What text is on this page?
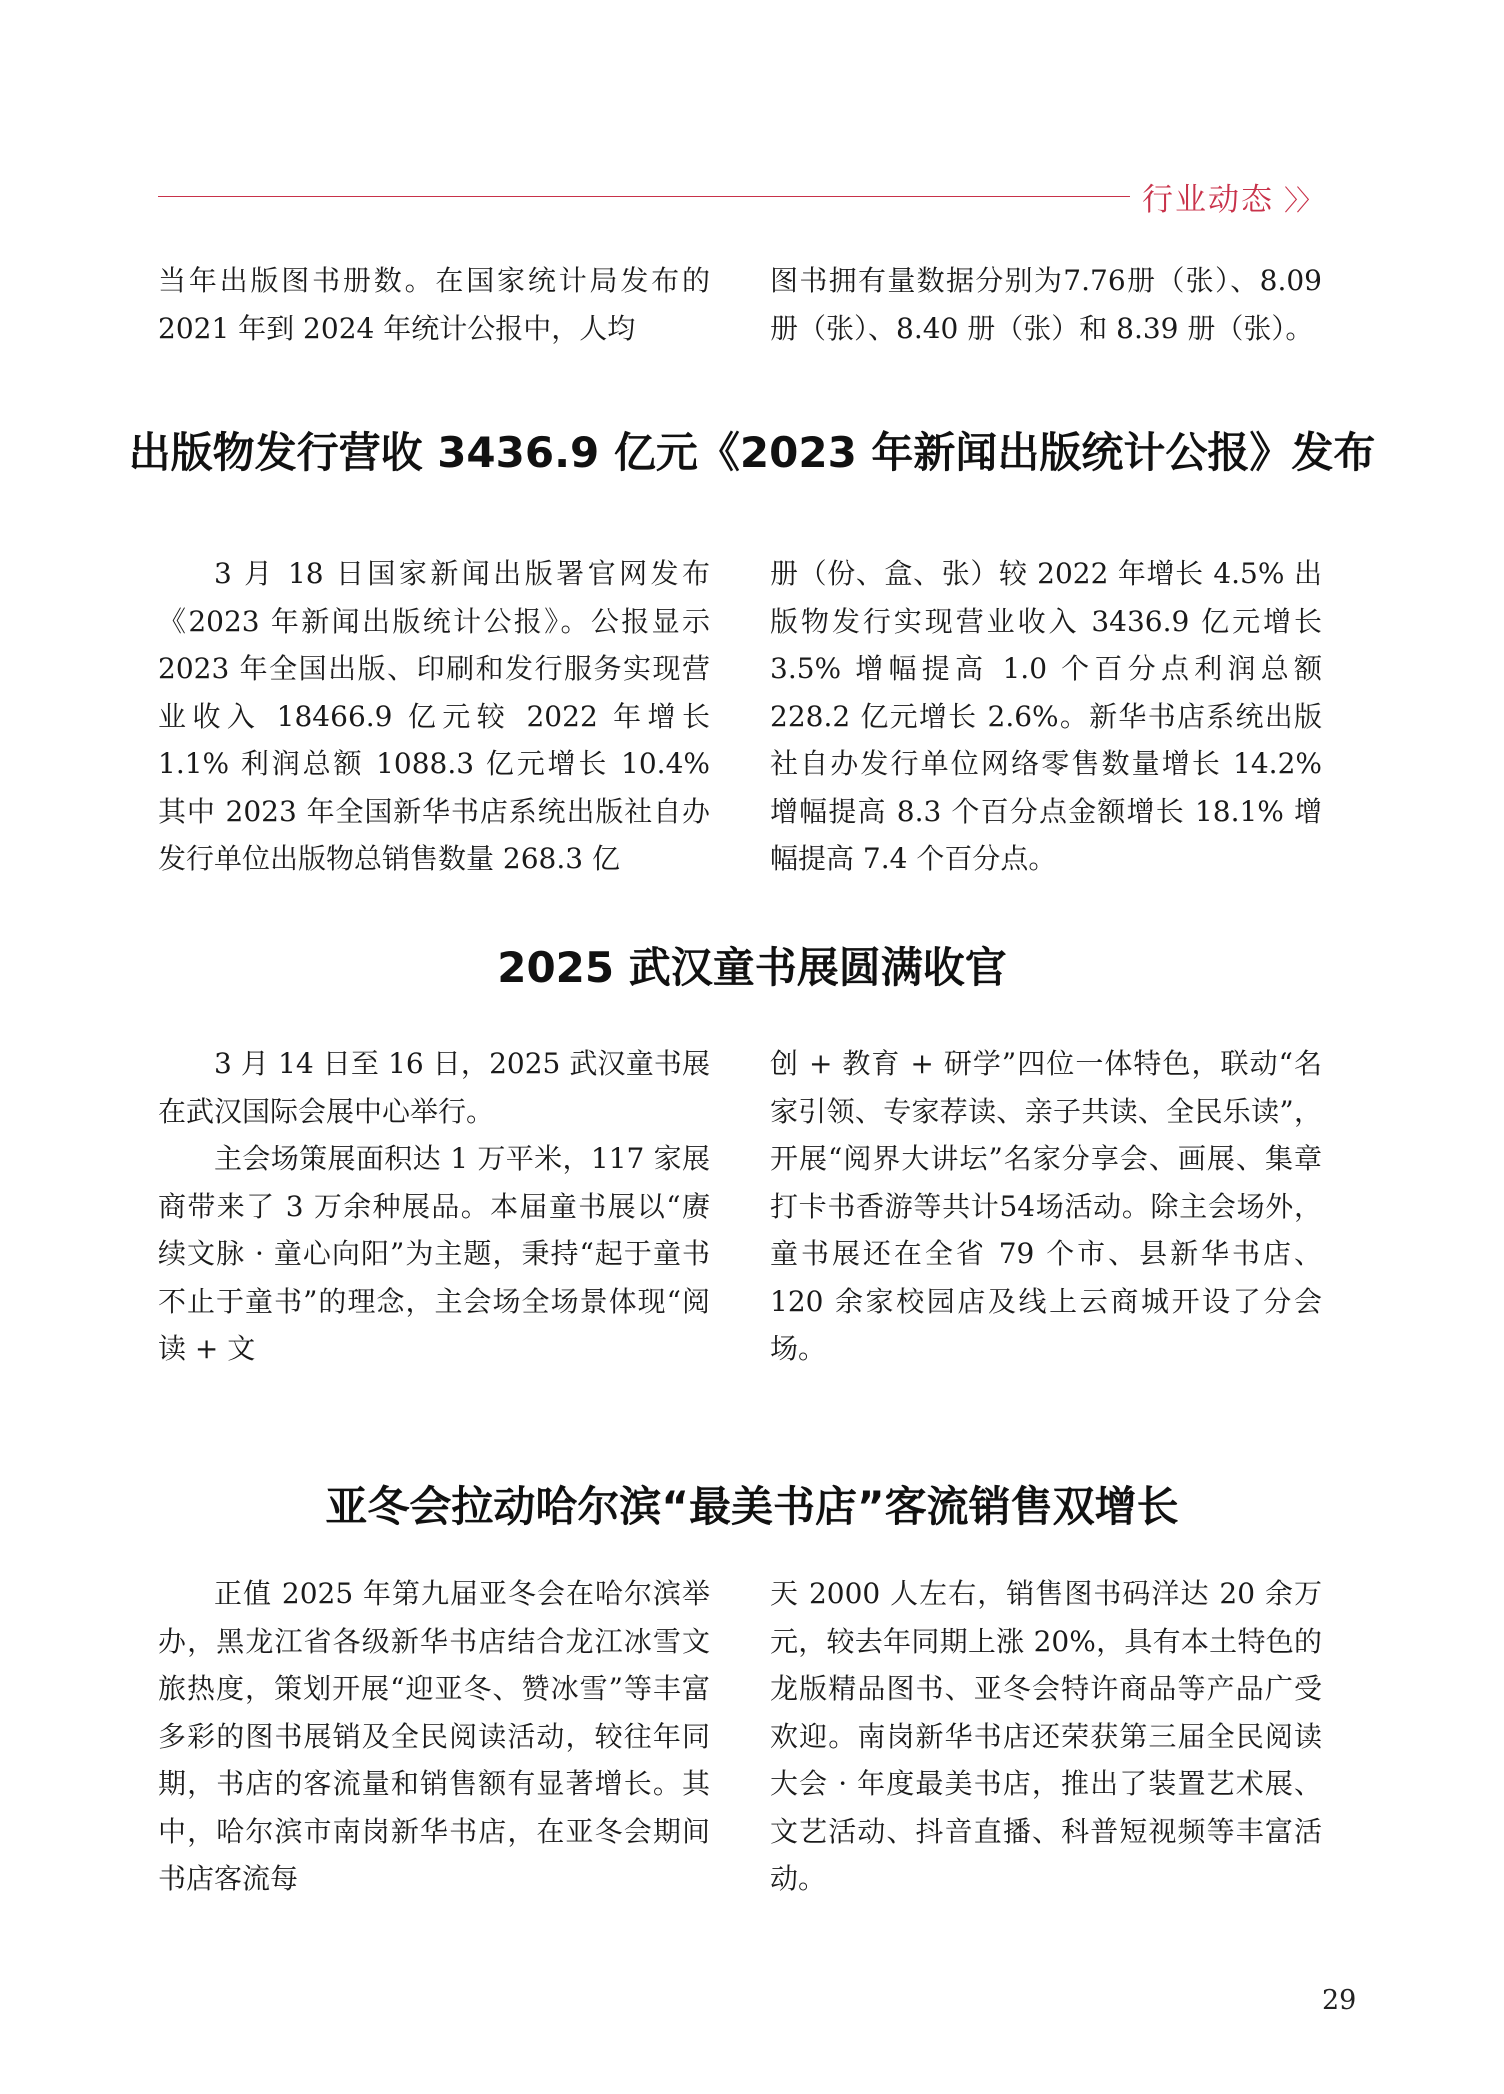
行业动态 〉〉

当年出版图书册数。在国家统计局发布的 2021 年到 2024 年统计公报中，人均

图书拥有量数据分别为7.76册（张）、8.09 册（张）、8.40 册（张）和 8.39 册（张）。

出版物发行营收 3436.9 亿元《2023 年新闻出版统计公报》发布

3 月 18 日国家新闻出版署官网发布《2023 年新闻出版统计公报》。公报显示 2023 年全国出版、印刷和发行服务实现营业收入 18466.9 亿元较 2022 年增长 1.1% 利润总额 1088.3 亿元增长 10.4% 其中 2023 年全国新华书店系统出版社自办发行单位出版物总销售数量 268.3 亿

册（份、盒、张）较 2022 年增长 4.5% 出版物发行实现营业收入 3436.9 亿元增长 3.5% 增幅提高 1.0 个百分点利润总额 228.2 亿元增长 2.6%。新华书店系统出版社自办发行单位网络零售数量增长 14.2% 增幅提高 8.3 个百分点金额增长 18.1% 增幅提高 7.4 个百分点。

2025 武汉童书展圆满收官

3 月 14 日至 16 日，2025 武汉童书展在武汉国际会展中心举行。

主会场策展面积达 1 万平米，117 家展商带来了 3 万余种展品。本届童书展以“赓续文脉 · 童心向阳”为主题，秉持“起于童书不止于童书”的理念，主会场全场景体现“阅读 + 文

创 + 教育 + 研学”四位一体特色，联动“名家引领、专家荐读、亲子共读、全民乐读”，开展“阅界大讲坛”名家分享会、画展、集章打卡书香游等共计54场活动。除主会场外，童书展还在全省 79 个市、县新华书店、120 余家校园店及线上云商城开设了分会场。

亚冬会拉动哈尔滨“最美书店”客流销售双增长

正值 2025 年第九届亚冬会在哈尔滨举办，黑龙江省各级新华书店结合龙江冰雪文旅热度，策划开展“迎亚冬、赞冰雪”等丰富多彩的图书展销及全民阅读活动，较往年同期，书店的客流量和销售额有显著增长。其中，哈尔滨市南岗新华书店，在亚冬会期间书店客流每

天 2000 人左右，销售图书码洋达 20 余万元，较去年同期上涨 20%，具有本土特色的龙版精品图书、亚冬会特许商品等产品广受欢迎。南岗新华书店还荣获第三届全民阅读大会 · 年度最美书店，推出了装置艺术展、文艺活动、抖音直播、科普短视频等丰富活动。

29
